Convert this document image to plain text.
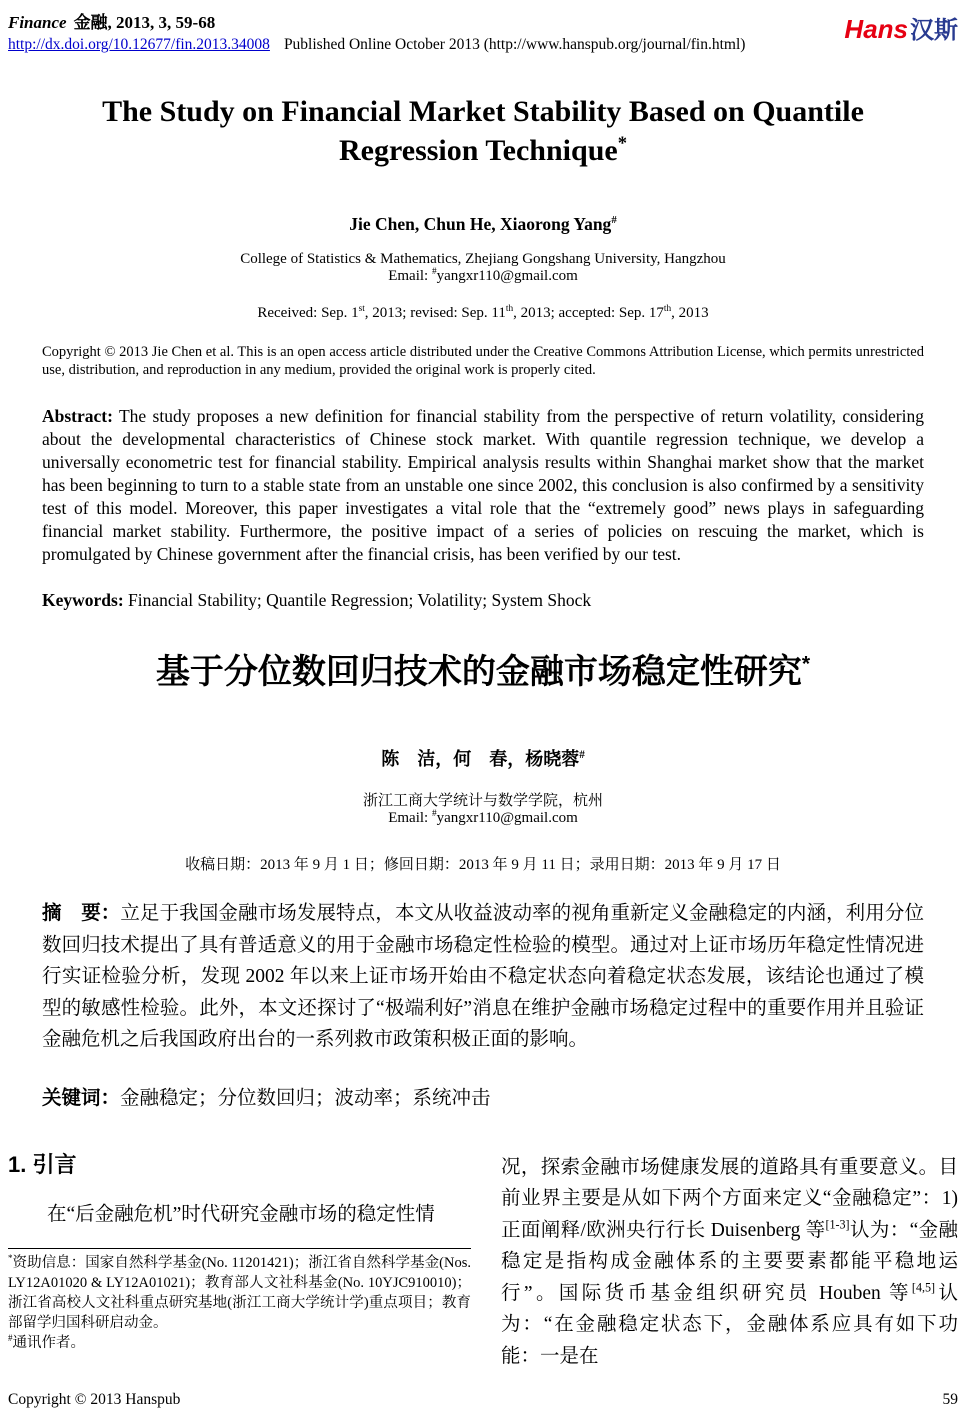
Finance 金融, 2013, 3, 59-68
http://dx.doi.org/10.12677/fin.2013.34008 Published Online October 2013 (http://www.hanspub.org/journal/fin.html)
Hans汉斯
The Study on Financial Market Stability Based on Quantile Regression Technique*
Jie Chen, Chun He, Xiaorong Yang#
College of Statistics & Mathematics, Zhejiang Gongshang University, Hangzhou
Email: #yangxr110@gmail.com
Received: Sep. 1st, 2013; revised: Sep. 11th, 2013; accepted: Sep. 17th, 2013

Copyright © 2013 Jie Chen et al. This is an open access article distributed under the Creative Commons Attribution License, which permits unrestricted use, distribution, and reproduction in any medium, provided the original work is properly cited.

Abstract: The study proposes a new definition for financial stability from the perspective of return volatility, considering about the developmental characteristics of Chinese stock market. With quantile regression technique, we develop a universally econometric test for financial stability. Empirical analysis results within Shanghai market show that the market has been beginning to turn to a stable state from an unstable one since 2002, this conclusion is also confirmed by a sensitivity test of this model. Moreover, this paper investigates a vital role that the “extremely good” news plays in safeguarding financial market stability. Furthermore, the positive impact of a series of policies on rescuing the market, which is promulgated by Chinese government after the financial crisis, has been verified by our test.

Keywords: Financial Stability; Quantile Regression; Volatility; System Shock

基于分位数回归技术的金融市场稳定性研究*
陈　洁，何　春，杨晓蓉#
浙江工商大学统计与数学学院，杭州
Email: #yangxr110@gmail.com
收稿日期：2013 年 9 月 1 日；修回日期：2013 年 9 月 11 日；录用日期：2013 年 9 月 17 日

摘　要：立足于我国金融市场发展特点，本文从收益波动率的视角重新定义金融稳定的内涵，利用分位数回归技术提出了具有普适意义的用于金融市场稳定性检验的模型。通过对上证市场历年稳定性情况进行实证检验分析，发现 2002 年以来上证市场开始由不稳定状态向着稳定状态发展，该结论也通过了模型的敏感性检验。此外，本文还探讨了“极端利好”消息在维护金融市场稳定过程中的重要作用并且验证金融危机之后我国政府出台的一系列救市政策积极正面的影响。

关键词：金融稳定；分位数回归；波动率；系统冲击

1. 引言

在“后金融危机”时代研究金融市场的稳定性情

*资助信息：国家自然科学基金(No. 11201421)；浙江省自然科学基金(Nos. LY12A01020 & LY12A01021)；教育部人文社科基金(No. 10YJC910010)；浙江省高校人文社科重点研究基地(浙江工商大学统计学)重点项目；教育部留学归国科研启动金。

#通讯作者。

况，探索金融市场健康发展的道路具有重要意义。目前业界主要是从如下两个方面来定义“金融稳定”：1) 正面阐释/欧洲央行行长 Duisenberg 等[1-3]认为：“金融稳定是指构成金融体系的主要要素都能平稳地运行”。国际货币基金组织研究员 Houben 等[4,5]认为：“在金融稳定状态下，金融体系应具有如下功能：一是在

Copyright © 2013 Hanspub	59
